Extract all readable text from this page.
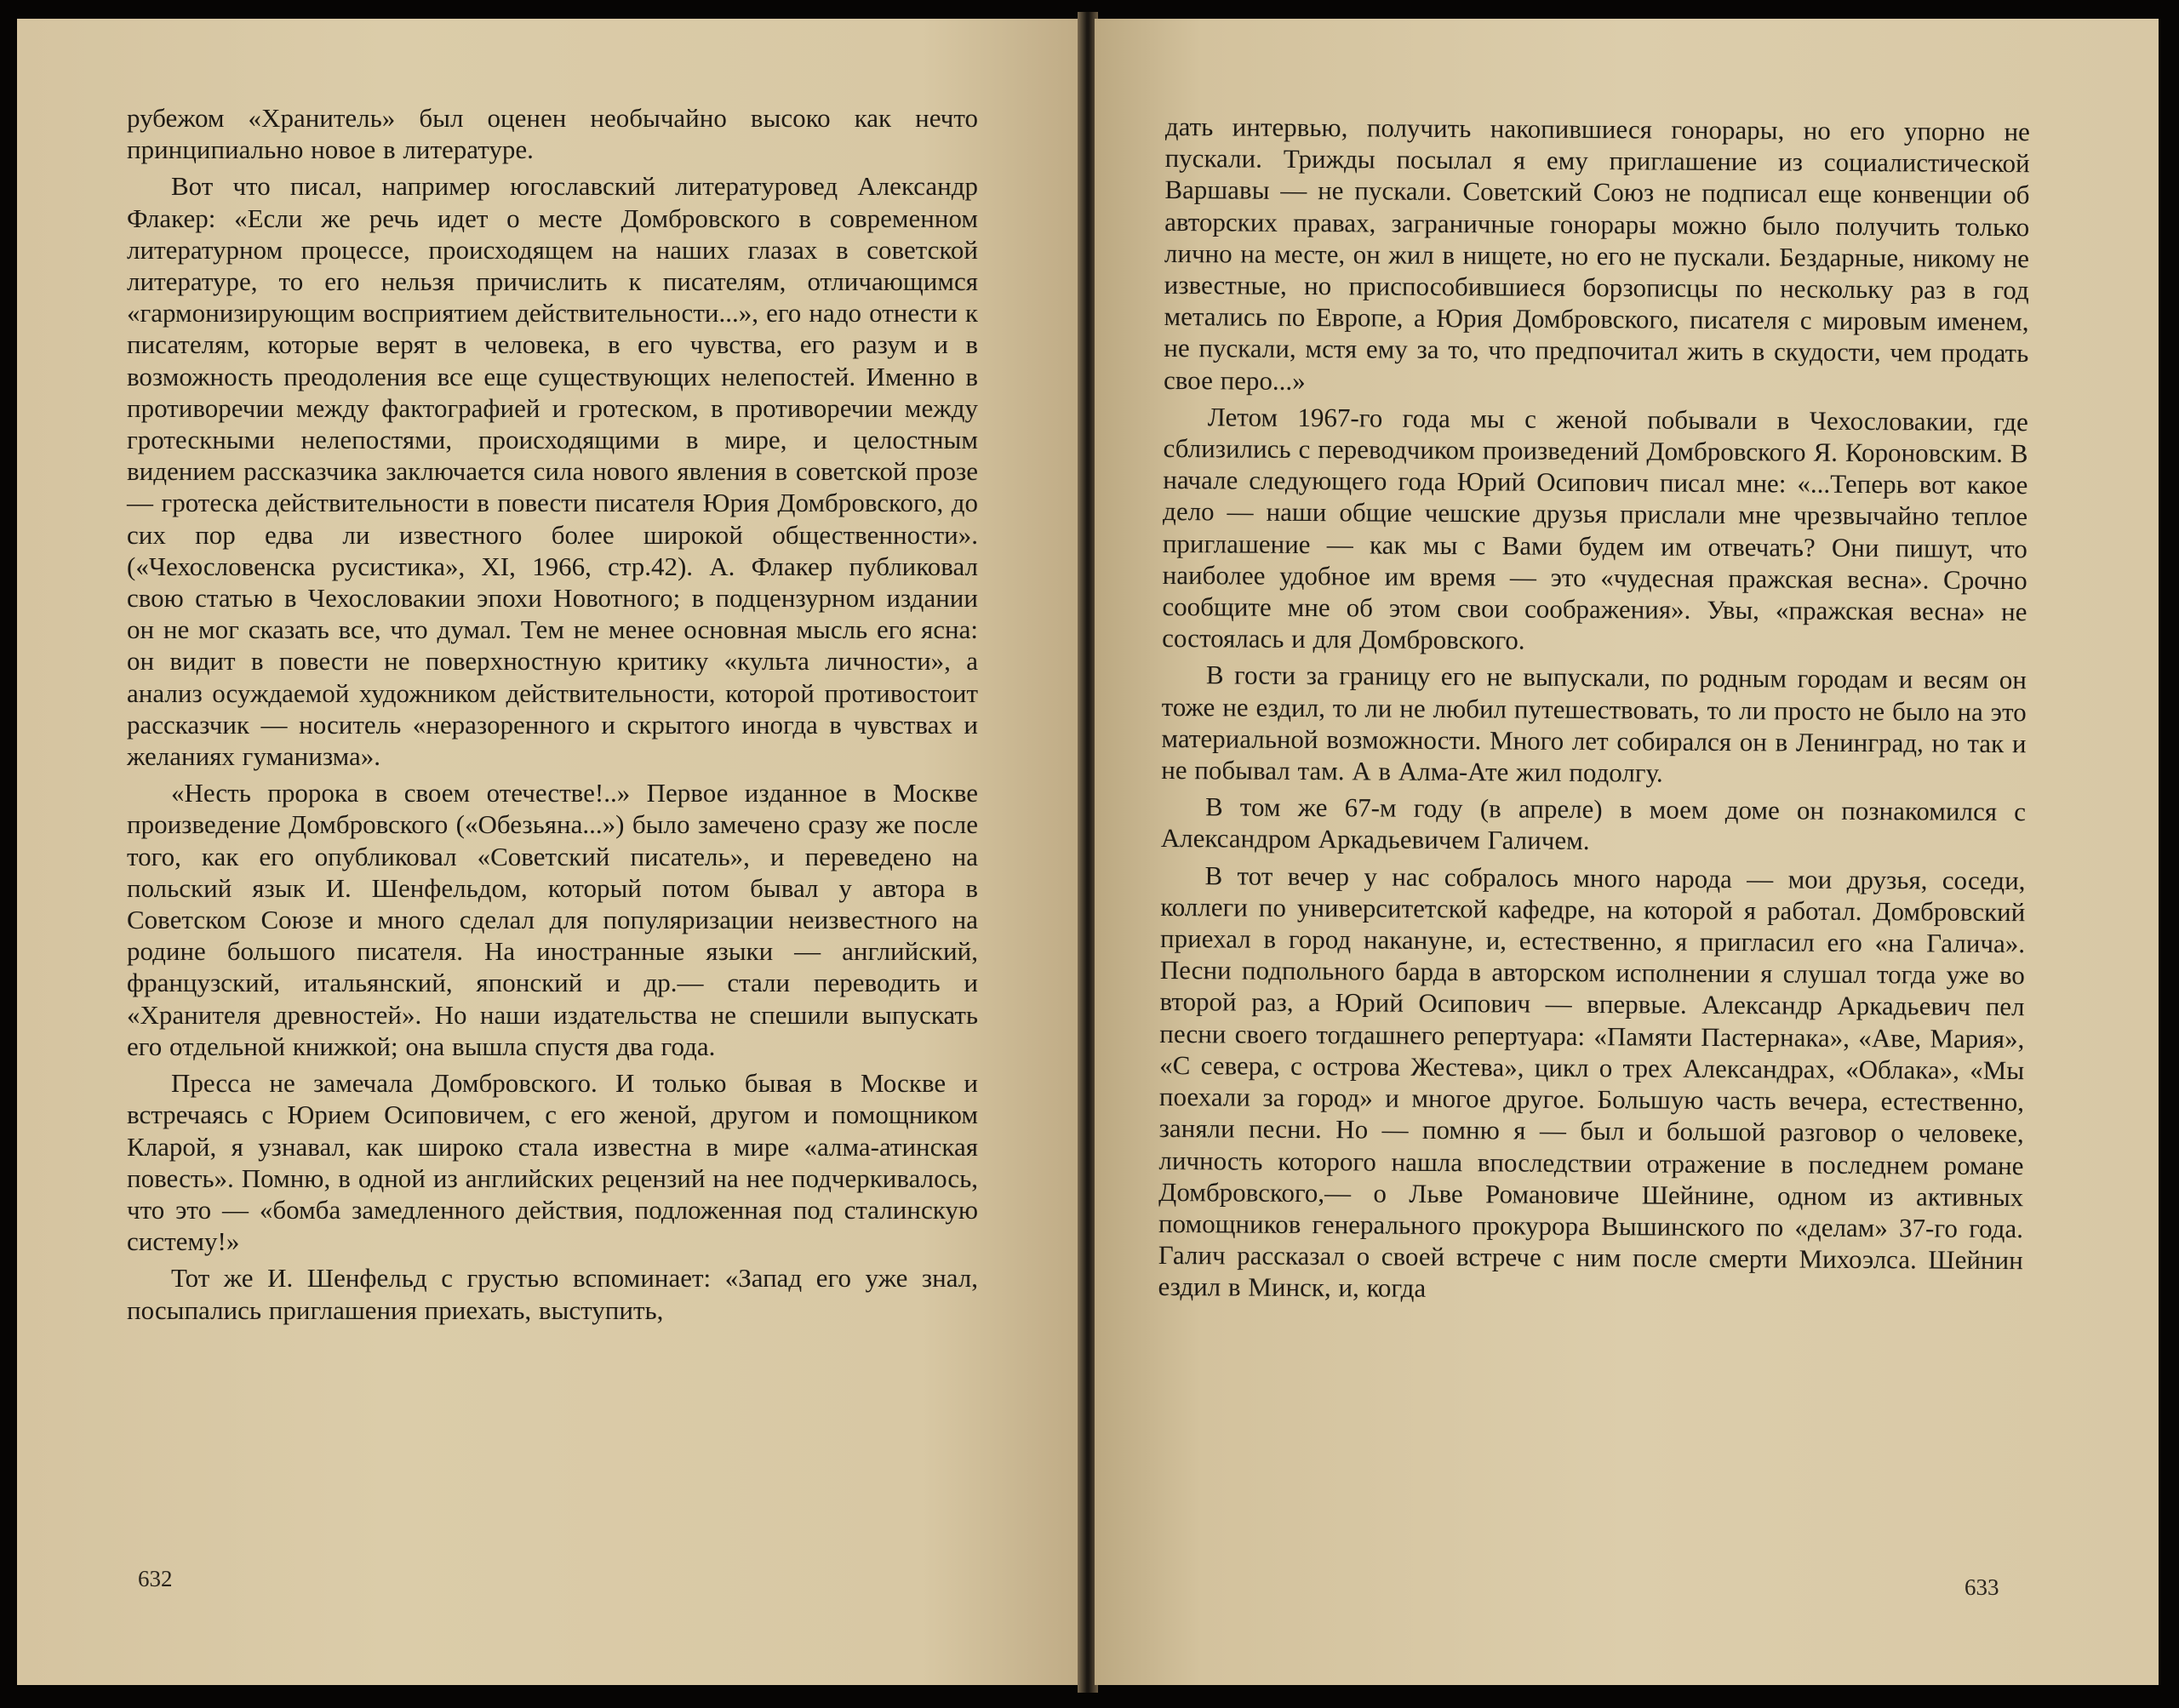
рубежом «Хранитель» был оценен необычайно высоко как нечто принципиально новое в литературе.

Вот что писал, например югославский литературовед Александр Флакер: «Если же речь идет о месте Домбровского в современном литературном процессе, происходящем на наших глазах в советской литературе, то его нельзя причислить к писателям, отличающимся «гармонизирующим восприятием действительности...», его надо отнести к писателям, которые верят в человека, в его чувства, его разум и в возможность преодоления все еще существующих нелепостей. Именно в противоречии между фактографией и гротеском, в противоречии между гротескными нелепостями, происходящими в мире, и целостным видением рассказчика заключается сила нового явления в советской прозе — гротеска действительности в повести писателя Юрия Домбровского, до сих пор едва ли известного более широкой общественности». («Чехословенска русистика», XI, 1966, стр.42). А. Флакер публиковал свою статью в Чехословакии эпохи Новотного; в подцензурном издании он не мог сказать все, что думал. Тем не менее основная мысль его ясна: он видит в повести не поверхностную критику «культа личности», а анализ осуждаемой художником действительности, которой противостоит рассказчик — носитель «неразоренного и скрытого иногда в чувствах и желаниях гуманизма».

«Несть пророка в своем отечестве!..» Первое изданное в Москве произведение Домбровского («Обезьяна...») было замечено сразу же после того, как его опубликовал «Советский писатель», и переведено на польский язык И. Шенфельдом, который потом бывал у автора в Советском Союзе и много сделал для популяризации неизвестного на родине большого писателя. На иностранные языки — английский, французский, итальянский, японский и др.— стали переводить и «Хранителя древностей». Но наши издательства не спешили выпускать его отдельной книжкой; она вышла спустя два года.

Пресса не замечала Домбровского. И только бывая в Москве и встречаясь с Юрием Осиповичем, с его женой, другом и помощником Кларой, я узнавал, как широко стала известна в мире «алма-атинская повесть». Помню, в одной из английских рецензий на нее подчеркивалось, что это — «бомба замедленного действия, подложенная под сталинскую систему!»

Тот же И. Шенфельд с грустью вспоминает: «Запад его уже знал, посыпались приглашения приехать, выступить,

632

дать интервью, получить накопившиеся гонорары, но его упорно не пускали. Трижды посылал я ему приглашение из социалистической Варшавы — не пускали. Советский Союз не подписал еще конвенции об авторских правах, заграничные гонорары можно было получить только лично на месте, он жил в нищете, но его не пускали. Бездарные, никому не известные, но приспособившиеся борзописцы по нескольку раз в год метались по Европе, а Юрия Домбровского, писателя с мировым именем, не пускали, мстя ему за то, что предпочитал жить в скудости, чем продать свое перо...»

Летом 1967-го года мы с женой побывали в Чехословакии, где сблизились с переводчиком произведений Домбровского Я. Короновским. В начале следующего года Юрий Осипович писал мне: «...Теперь вот какое дело — наши общие чешские друзья прислали мне чрезвычайно теплое приглашение — как мы с Вами будем им отвечать? Они пишут, что наиболее удобное им время — это «чудесная пражская весна». Срочно сообщите мне об этом свои соображения». Увы, «пражская весна» не состоялась и для Домбровского.

В гости за границу его не выпускали, по родным городам и весям он тоже не ездил, то ли не любил путешествовать, то ли просто не было на это материальной возможности. Много лет собирался он в Ленинград, но так и не побывал там. А в Алма-Ате жил подолгу.

В том же 67-м году (в апреле) в моем доме он познакомился с Александром Аркадьевичем Галичем.

В тот вечер у нас собралось много народа — мои друзья, соседи, коллеги по университетской кафедре, на которой я работал. Домбровский приехал в город накануне, и, естественно, я пригласил его «на Галича». Песни подпольного барда в авторском исполнении я слушал тогда уже во второй раз, а Юрий Осипович — впервые. Александр Аркадьевич пел песни своего тогдашнего репертуара: «Памяти Пастернака», «Аве, Мария», «С севера, с острова Жестева», цикл о трех Александрах, «Облака», «Мы поехали за город» и многое другое. Большую часть вечера, естественно, заняли песни. Но — помню я — был и большой разговор о человеке, личность которого нашла впоследствии отражение в последнем романе Домбровского,— о Льве Романовиче Шейнине, одном из активных помощников генерального прокурора Вышинского по «делам» 37-го года. Галич рассказал о своей встрече с ним после смерти Михоэлса. Шейнин ездил в Минск, и, когда

633
